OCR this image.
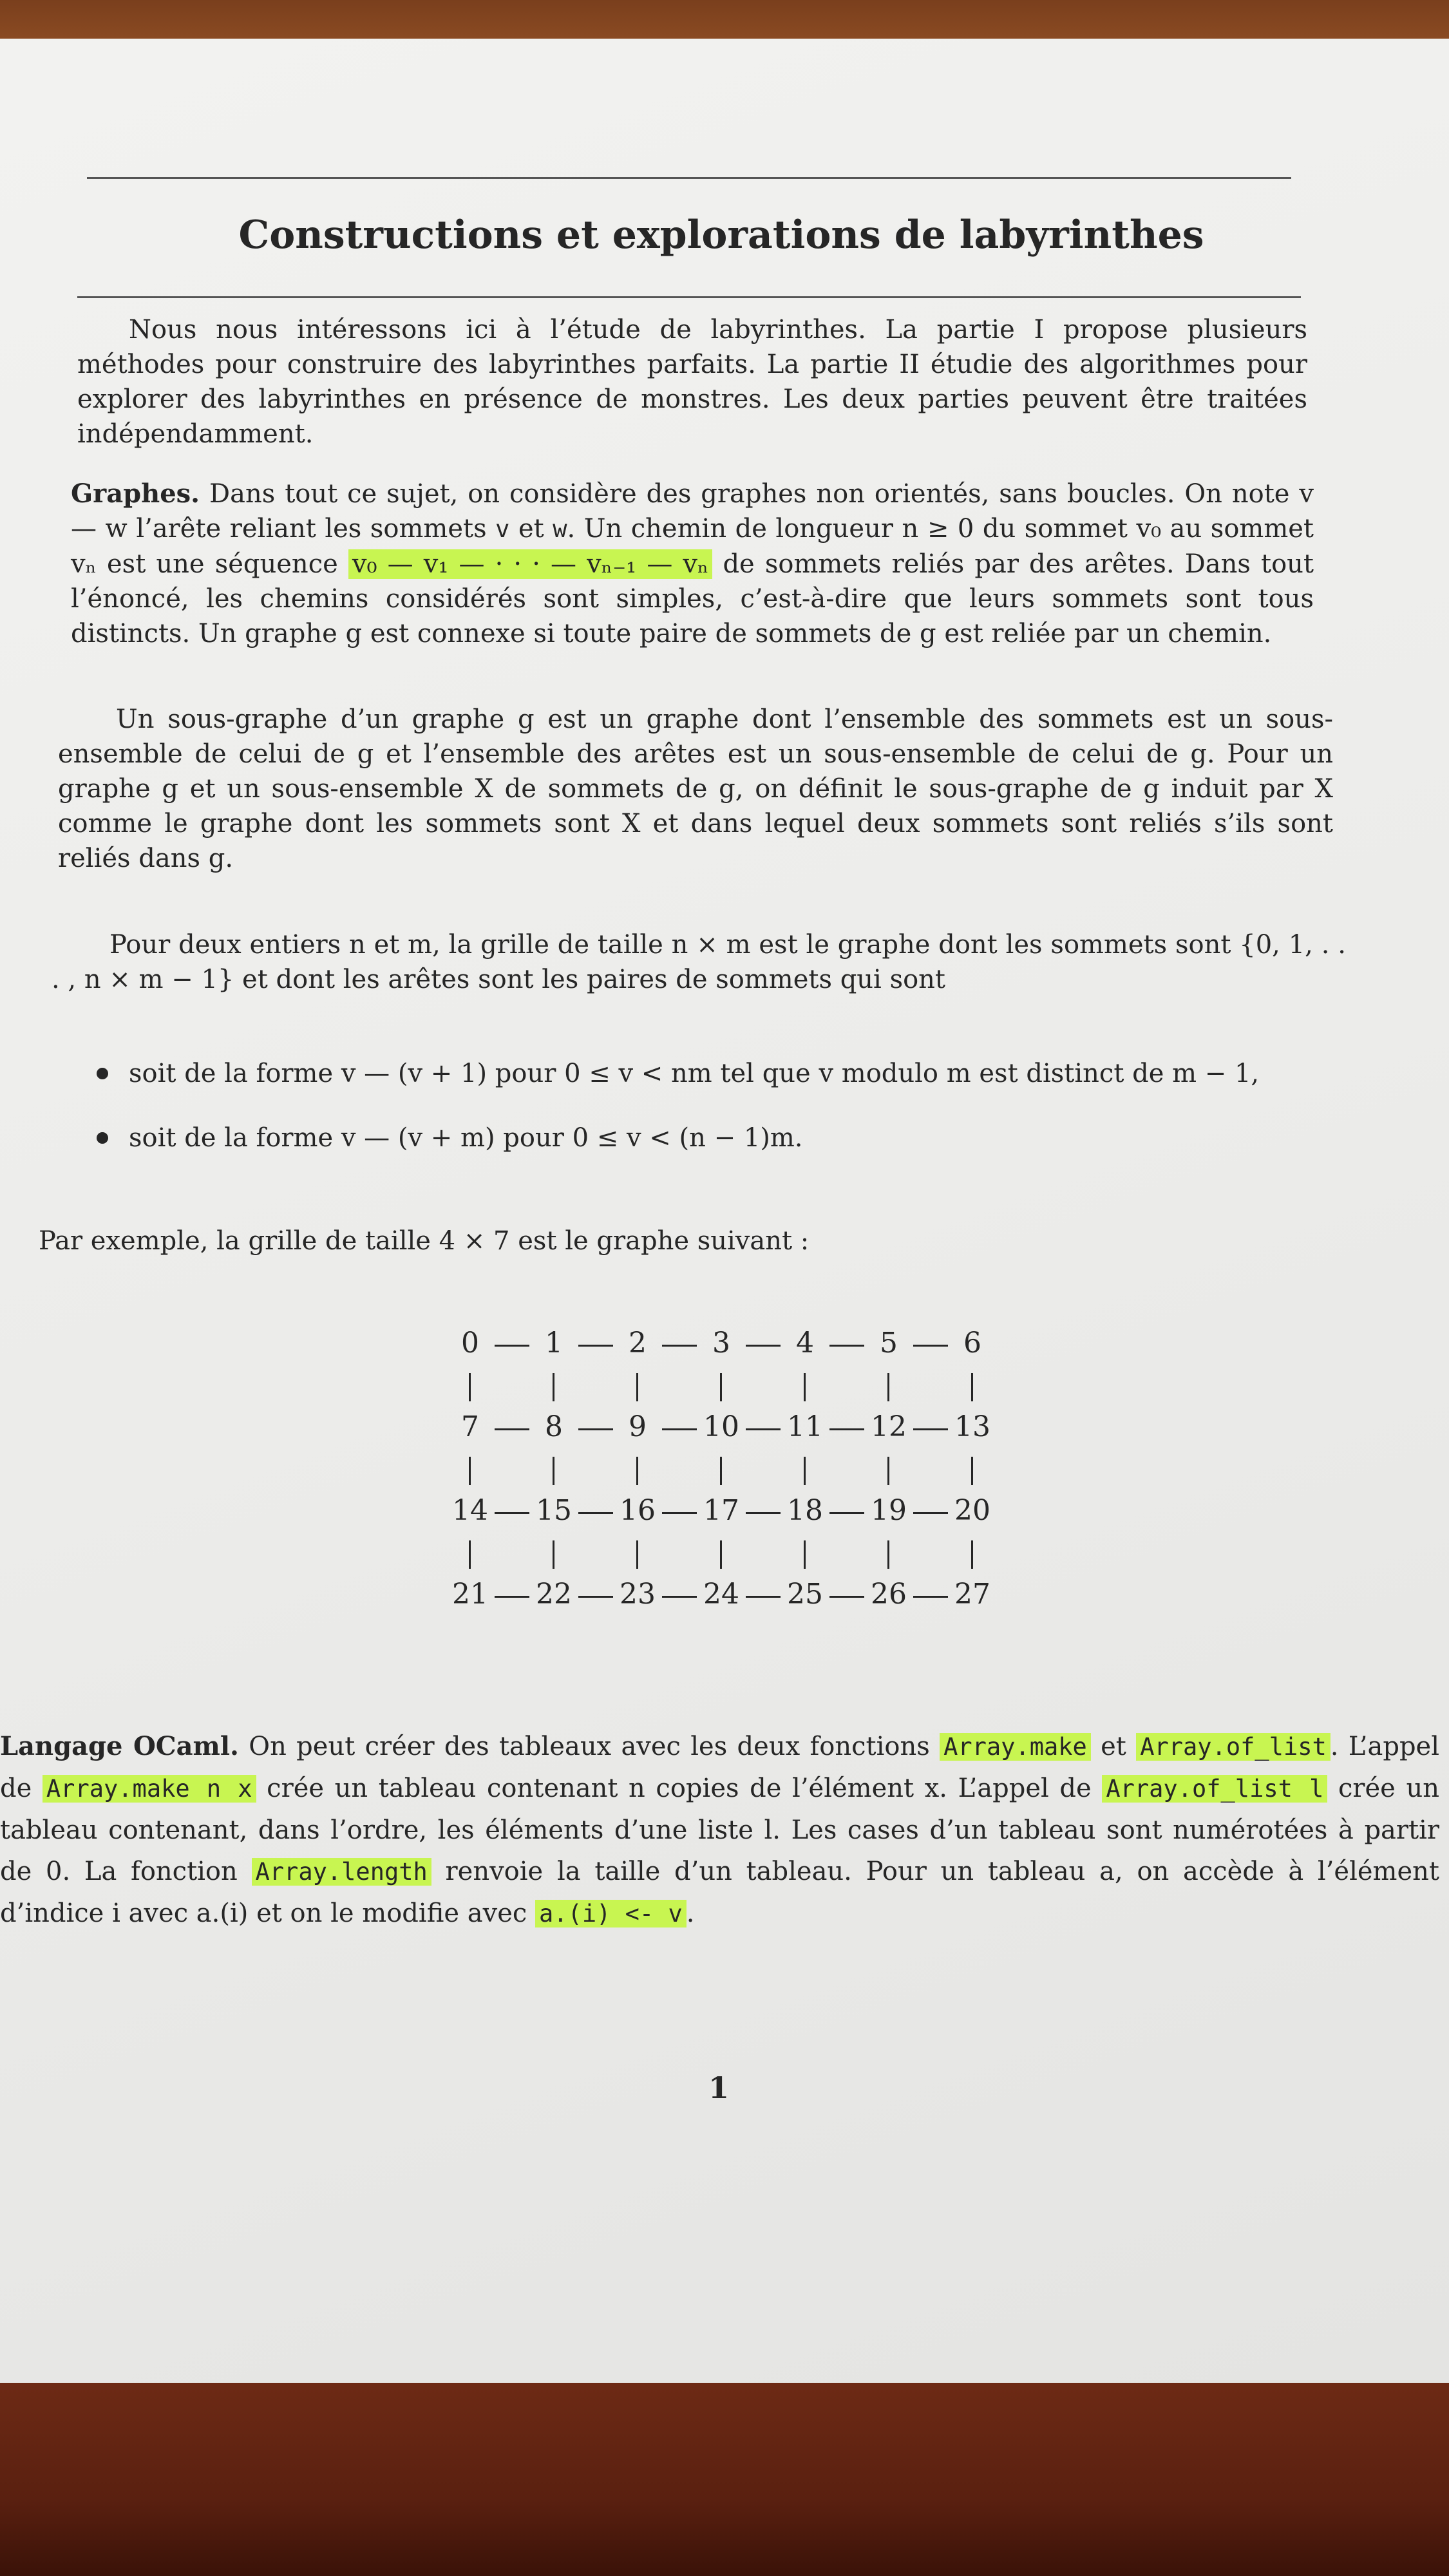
Constructions et explorations de labyrinthes

Nous nous intéressons ici à l’étude de labyrinthes. La partie I propose plusieurs méthodes pour construire des labyrinthes parfaits. La partie II étudie des algorithmes pour explorer des labyrinthes en présence de monstres. Les deux parties peuvent être traitées indépendamment.

Graphes. Dans tout ce sujet, on considère des graphes non orientés, sans boucles. On note v — w l’arête reliant les sommets v et w. Un chemin de longueur n ≥ 0 du sommet v₀ au sommet vₙ est une séquence v₀ — v₁ — · · · — vₙ₋₁ — vₙ de sommets reliés par des arêtes. Dans tout l’énoncé, les chemins considérés sont simples, c’est-à-dire que leurs sommets sont tous distincts. Un graphe g est connexe si toute paire de sommets de g est reliée par un chemin.

Un sous-graphe d’un graphe g est un graphe dont l’ensemble des sommets est un sous-ensemble de celui de g et l’ensemble des arêtes est un sous-ensemble de celui de g. Pour un graphe g et un sous-ensemble X de sommets de g, on définit le sous-graphe de g induit par X comme le graphe dont les sommets sont X et dans lequel deux sommets sont reliés s’ils sont reliés dans g.

Pour deux entiers n et m, la grille de taille n × m est le graphe dont les sommets sont {0, 1, . . . , n × m − 1} et dont les arêtes sont les paires de sommets qui sont

soit de la forme v — (v + 1) pour 0 ≤ v < nm tel que v modulo m est distinct de m − 1,
soit de la forme v — (v + m) pour 0 ≤ v < (n − 1)m.

Par exemple, la grille de taille 4 × 7 est le graphe suivant :

0	1	2	3	4	5	6
7	8	9	10	11	12	13
14	15	16	17	18	19	20
21	22	23	24	25	26	27

Langage OCaml. On peut créer des tableaux avec les deux fonctions Array.make et Array.of_list . L’appel de Array.make n x crée un tableau contenant n copies de l’élément x. L’appel de Array.of_list l crée un tableau contenant, dans l’ordre, les éléments d’une liste l. Les cases d’un tableau sont numérotées à partir de 0. La fonction Array.length renvoie la taille d’un tableau. Pour un tableau a, on accède à l’élément d’indice i avec a.(i) et on le modifie avec a.(i) <- v .

1
